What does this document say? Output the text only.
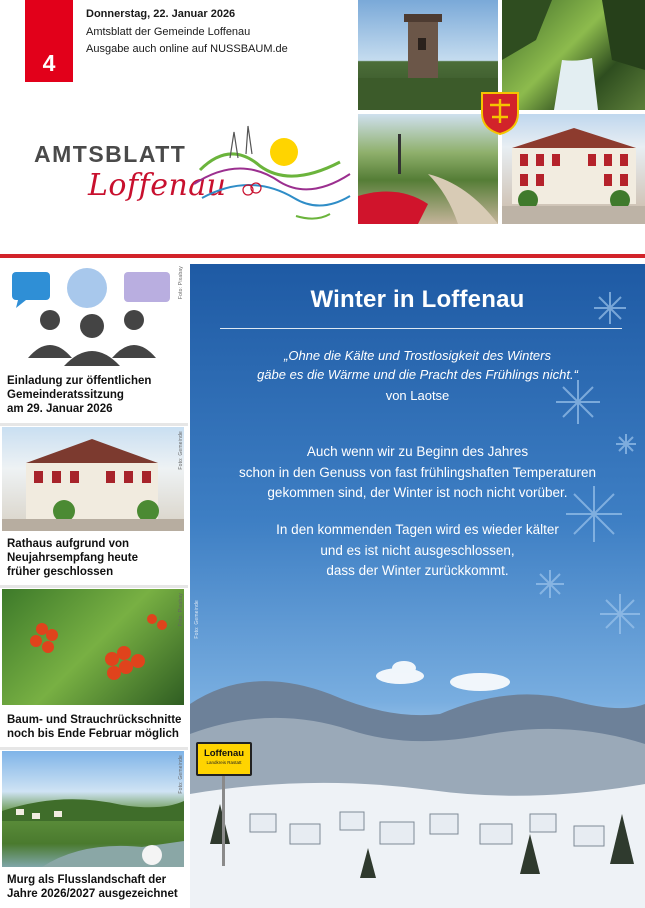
4
Donnerstag, 22. Januar 2026
Amtsblatt der Gemeinde Loffenau
Ausgabe auch online auf NUSSBAUM.de
AMTSBLATT
Loffenau
Foto: Pixabay
Einladung zur öffentlichen
Gemeinderatssitzung
am 29. Januar 2026
Foto: Gemeinde
Rathaus aufgrund von
Neujahrsempfang heute
früher geschlossen
Foto: Pixabay
Baum- und Strauchrückschnitte
noch bis Ende Februar möglich
Foto: Gemeinde
Murg als Flusslandschaft der
Jahre 2026/2027 ausgezeichnet
Winter in Loffenau
„Ohne die Kälte und Trostlosigkeit des Winters
gäbe es die Wärme und die Pracht des Frühlings nicht.“
von Laotse
Auch wenn wir zu Beginn des Jahres
schon in den Genuss von fast frühlingshaften Temperaturen
gekommen sind, der Winter ist noch nicht vorüber.
In den kommenden Tagen wird es wieder kälter
und es ist nicht ausgeschlossen,
dass der Winter zurückkommt.
Loffenau
Landkreis Rastatt
Foto: Gemeinde
